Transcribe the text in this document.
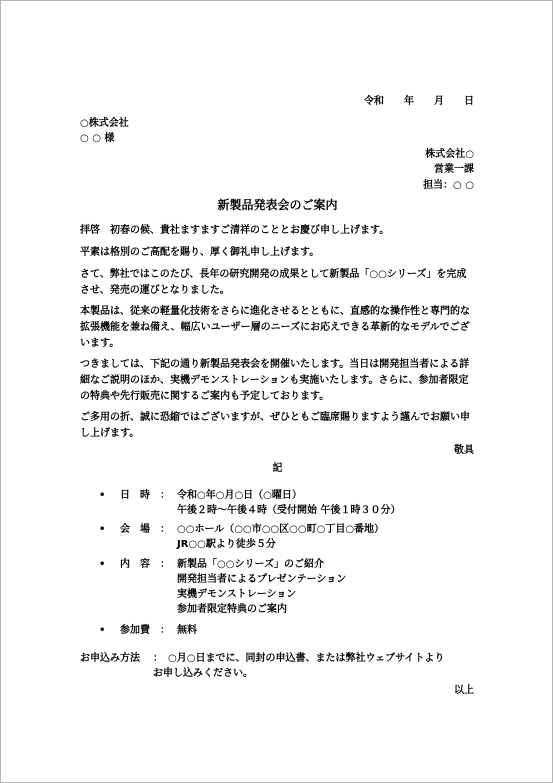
令和　　年　　月　　日
○株式会社
○ ○ 様
株式会社○
営業一課
担当：○ ○
新製品発表会のご案内
拝啓　初春の候、貴社ますますご清祥のこととお慶び申し上げます。
平素は格別のご高配を賜り、厚く御礼申し上げます。
さて、弊社ではこのたび、長年の研究開発の成果として新製品「○○シリーズ」を完成させ、発売の運びとなりました。
本製品は、従来の軽量化技術をさらに進化させるとともに、直感的な操作性と専門的な拡張機能を兼ね備え、幅広いユーザー層のニーズにお応えできる革新的なモデルでございます。
つきましては、下記の通り新製品発表会を開催いたします。当日は開発担当者による詳細なご説明のほか、実機デモンストレーションも実施いたします。さらに、参加者限定の特典や先行販売に関するご案内も予定しております。
ご多用の折、誠に恐縮ではございますが、ぜひともご臨席賜りますよう謹んでお願い申し上げます。
敬具
記
• 日　時 ： 令和○年○月○日（○曜日）
午後２時〜午後４時（受付開始 午後１時３０分）
• 会　場 ： ○○ホール（○○市○○区○○町○丁目○番地）
JR○○駅より徒歩５分
• 内　容 ： 新製品「○○シリーズ」のご紹介
開発担当者によるプレゼンテーション
実機デモンストレーション
参加者限定特典のご案内
• 参加費 ： 無料
お申込み方法 ： ○月○日までに、同封の申込書、または弊社ウェブサイトより
お申し込みください。
以上
